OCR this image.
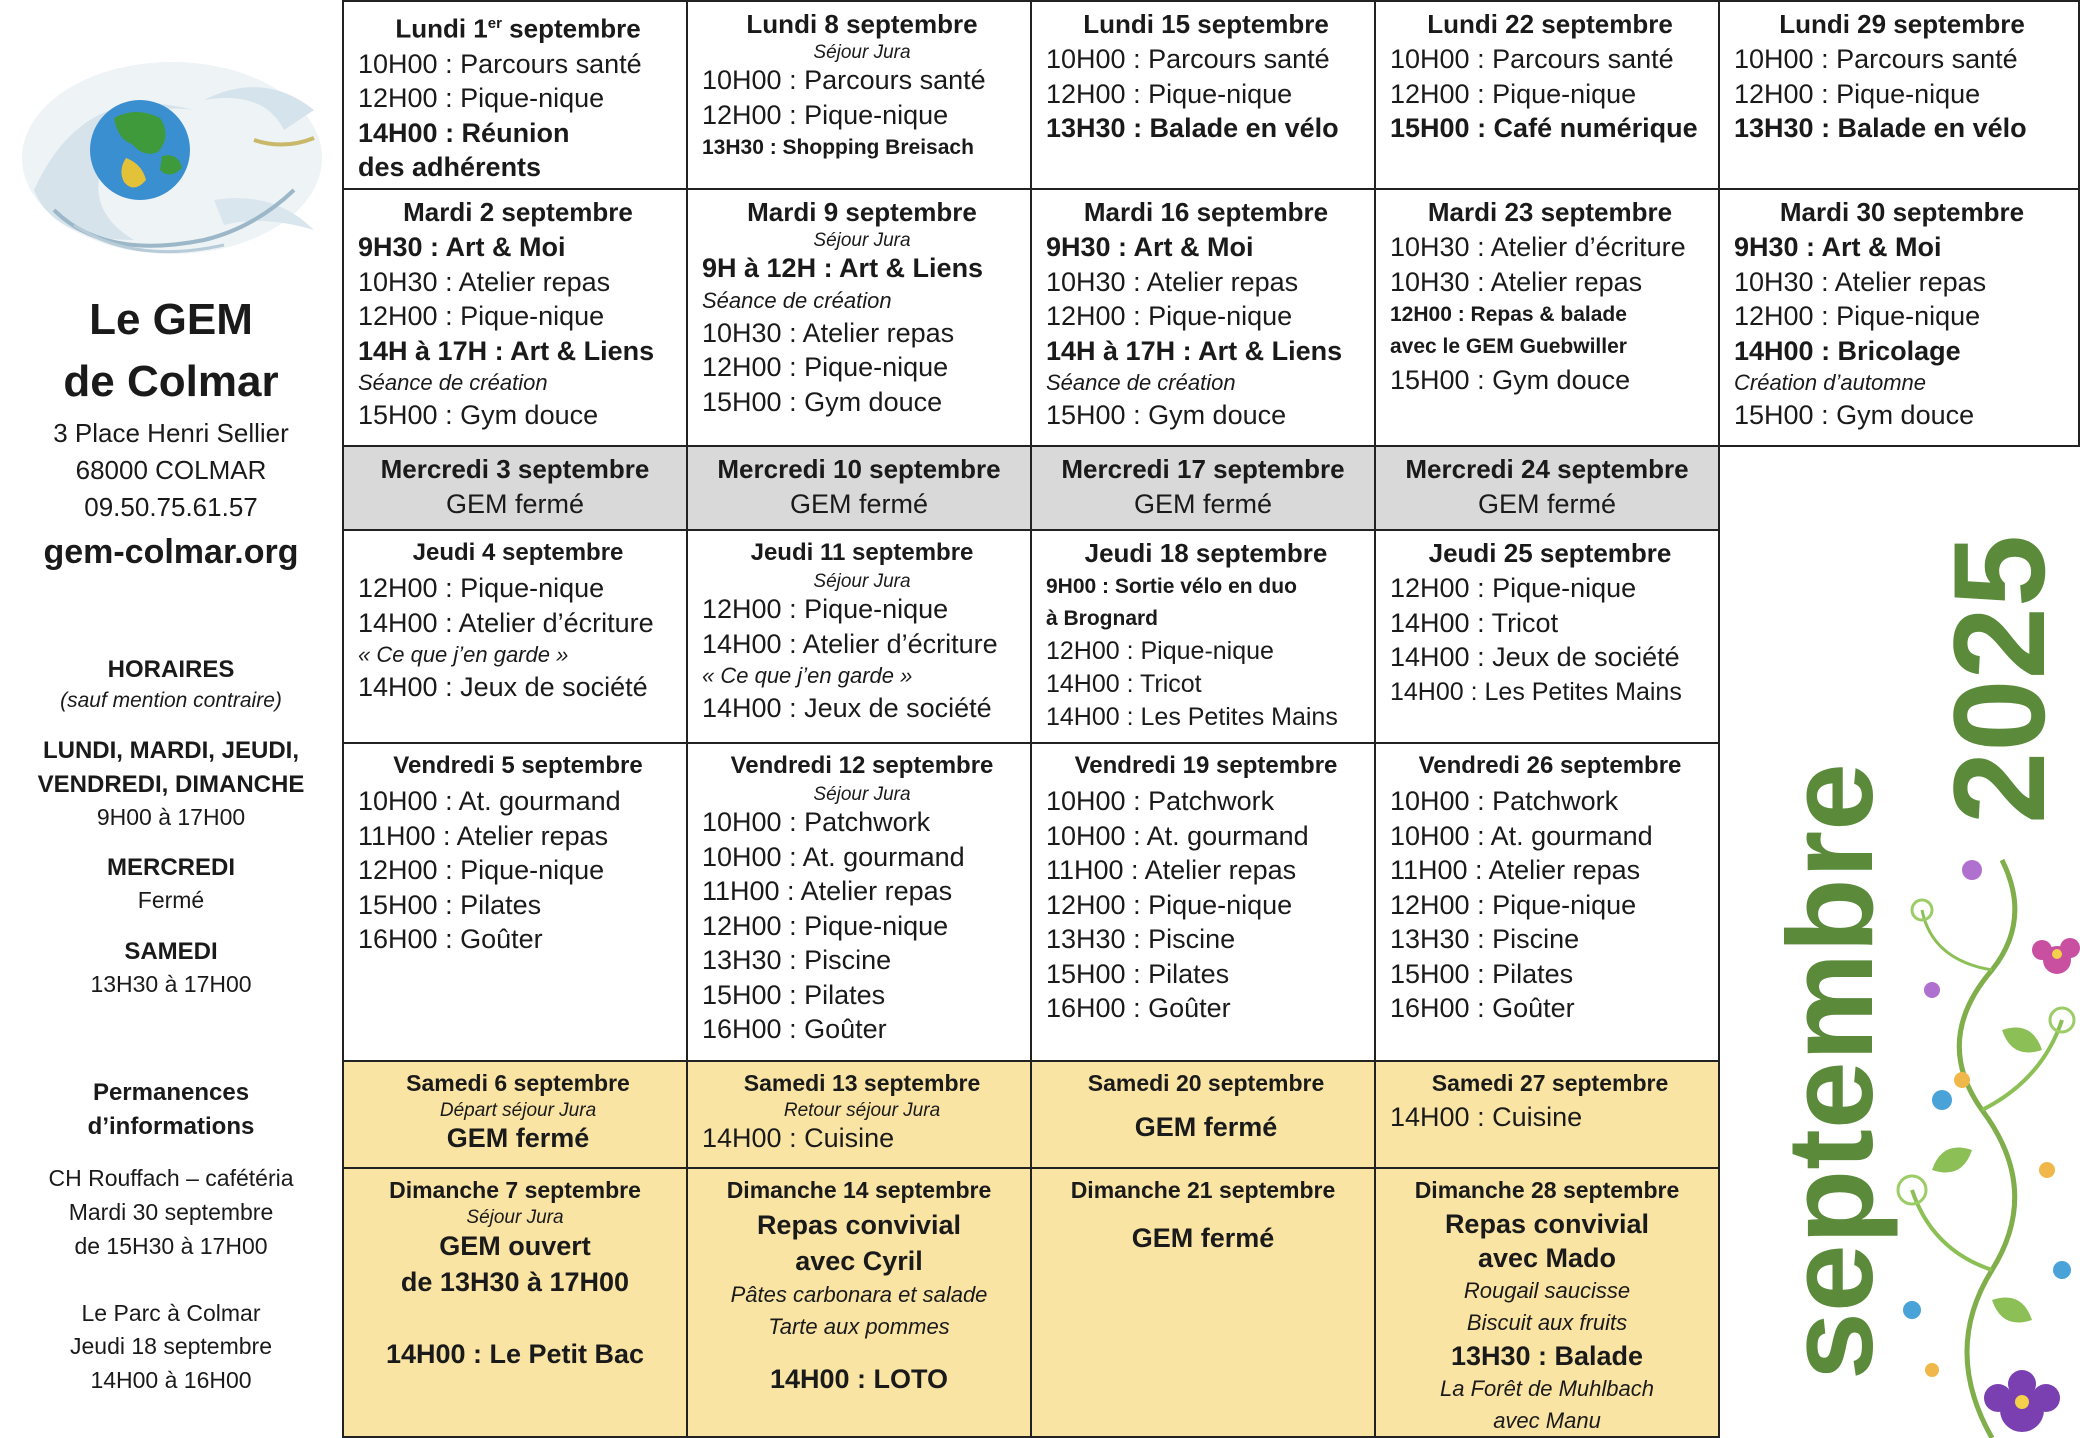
Le GEM
de Colmar
3 Place Henri Sellier
68000 COLMAR
09.50.75.61.57
gem-colmar.org
HORAIRES
(sauf mention contraire)
LUNDI, MARDI, JEUDI,
VENDREDI, DIMANCHE
9H00 à 17H00
MERCREDI
Fermé
SAMEDI
13H30 à 17H00
Permanences
d’informations
CH Rouffach – cafétéria
Mardi 30 septembre
de 15H30 à 17H00
Le Parc à Colmar
Jeudi 18 septembre
14H00 à 16H00
Lundi 1er septembre
10H00 : Parcours santé
12H00 : Pique-nique
14H00 : Réunion
des adhérents
Lundi 8 septembre
Séjour Jura
10H00 : Parcours santé
12H00 : Pique-nique
13H30 : Shopping Breisach
Lundi 15 septembre
10H00 : Parcours santé
12H00 : Pique-nique
13H30 : Balade en vélo
Lundi 22 septembre
10H00 : Parcours santé
12H00 : Pique-nique
15H00 : Café numérique
Lundi 29 septembre
10H00 : Parcours santé
12H00 : Pique-nique
13H30 : Balade en vélo
Mardi 2 septembre
9H30 : Art & Moi
10H30 : Atelier repas
12H00 : Pique-nique
14H à 17H : Art & Liens
Séance de création
15H00 : Gym douce
Mardi 9 septembre
Séjour Jura
9H à 12H : Art & Liens
Séance de création
10H30 : Atelier repas
12H00 : Pique-nique
15H00 : Gym douce
Mardi 16 septembre
9H30 : Art & Moi
10H30 : Atelier repas
12H00 : Pique-nique
14H à 17H : Art & Liens
Séance de création
15H00 : Gym douce
Mardi 23 septembre
10H30 : Atelier d’écriture
10H30 : Atelier repas
12H00 : Repas & balade
avec le GEM Guebwiller
15H00 : Gym douce
Mardi 30 septembre
9H30 : Art & Moi
10H30 : Atelier repas
12H00 : Pique-nique
14H00 : Bricolage
Création d’automne
15H00 : Gym douce
Mercredi 3 septembre
GEM fermé
Mercredi 10 septembre
GEM fermé
Mercredi 17 septembre
GEM fermé
Mercredi 24 septembre
GEM fermé
Jeudi 4 septembre
12H00 : Pique-nique
14H00 : Atelier d’écriture
« Ce que j’en garde »
14H00 : Jeux de société
Jeudi 11 septembre
Séjour Jura
12H00 : Pique-nique
14H00 : Atelier d’écriture
« Ce que j’en garde »
14H00 : Jeux de société
Jeudi 18 septembre
9H00 : Sortie vélo en duo
à Brognard
12H00 : Pique-nique
14H00 : Tricot
14H00 : Les Petites Mains
Jeudi 25 septembre
12H00 : Pique-nique
14H00 : Tricot
14H00 : Jeux de société
14H00 : Les Petites Mains
Vendredi 5 septembre
10H00 : At. gourmand
11H00 : Atelier repas
12H00 : Pique-nique
15H00 : Pilates
16H00 : Goûter
Vendredi 12 septembre
Séjour Jura
10H00 : Patchwork
10H00 : At. gourmand
11H00 : Atelier repas
12H00 : Pique-nique
13H30 : Piscine
15H00 : Pilates
16H00 : Goûter
Vendredi 19 septembre
10H00 : Patchwork
10H00 : At. gourmand
11H00 : Atelier repas
12H00 : Pique-nique
13H30 : Piscine
15H00 : Pilates
16H00 : Goûter
Vendredi 26 septembre
10H00 : Patchwork
10H00 : At. gourmand
11H00 : Atelier repas
12H00 : Pique-nique
13H30 : Piscine
15H00 : Pilates
16H00 : Goûter
Samedi 6 septembre
Départ séjour Jura
GEM fermé
Samedi 13 septembre
Retour séjour Jura
14H00 : Cuisine
Samedi 20 septembre
GEM fermé
Samedi 27 septembre
14H00 : Cuisine
Dimanche 7 septembre
Séjour Jura
GEM ouvert
de 13H30 à 17H00
14H00 : Le Petit Bac
Dimanche 14 septembre
Repas convivial
avec Cyril
Pâtes carbonara et salade
Tarte aux pommes
14H00 : LOTO
Dimanche 21 septembre
GEM fermé
Dimanche 28 septembre
Repas convivial
avec Mado
Rougail saucisse
Biscuit aux fruits
13H30 : Balade
La Forêt de Muhlbach
avec Manu
septembre
2025
